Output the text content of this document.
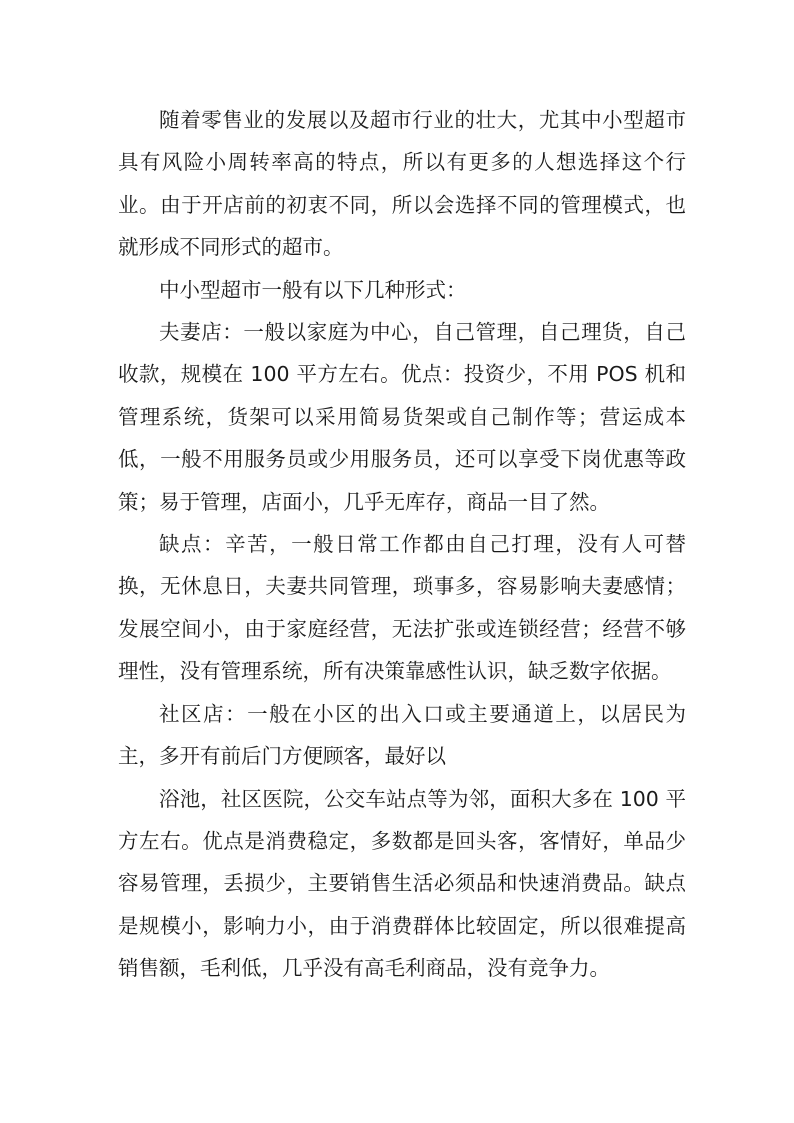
随着零售业的发展以及超市行业的壮大，尤其中小型超市具有风险小周转率高的特点，所以有更多的人想选择这个行业。由于开店前的初衷不同，所以会选择不同的管理模式，也就形成不同形式的超市。

中小型超市一般有以下几种形式：

夫妻店：一般以家庭为中心，自己管理，自己理货，自己收款，规模在 100 平方左右。优点：投资少，不用 POS 机和管理系统，货架可以采用简易货架或自己制作等；营运成本低，一般不用服务员或少用服务员，还可以享受下岗优惠等政策；易于管理，店面小，几乎无库存，商品一目了然。

缺点：辛苦，一般日常工作都由自己打理，没有人可替换，无休息日，夫妻共同管理，琐事多，容易影响夫妻感情；发展空间小，由于家庭经营，无法扩张或连锁经营；经营不够理性，没有管理系统，所有决策靠感性认识，缺乏数字依据。

社区店：一般在小区的出入口或主要通道上，以居民为主，多开有前后门方便顾客，最好以

浴池，社区医院，公交车站点等为邻，面积大多在 100 平方左右。优点是消费稳定，多数都是回头客，客情好，单品少容易管理，丢损少，主要销售生活必须品和快速消费品。缺点是规模小，影响力小，由于消费群体比较固定，所以很难提高销售额，毛利低，几乎没有高毛利商品，没有竞争力。
